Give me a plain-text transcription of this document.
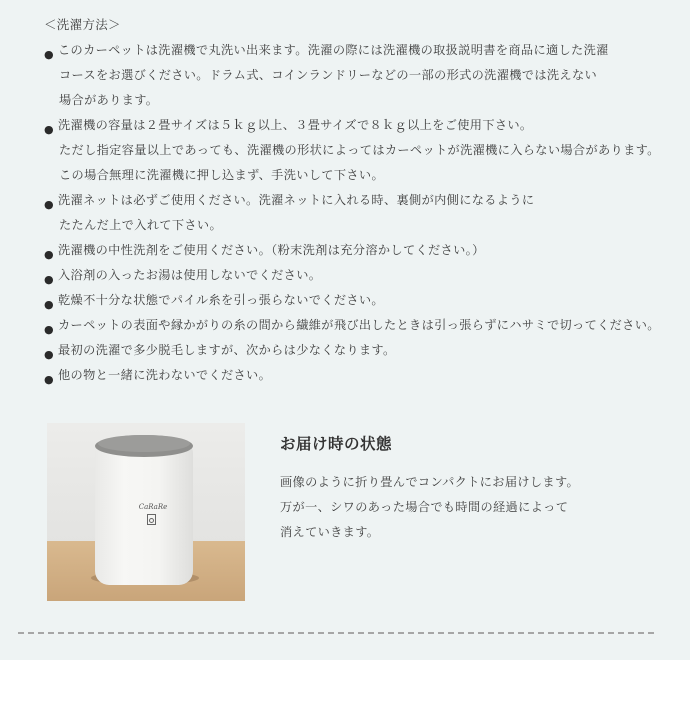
＜洗濯方法＞
● このカーペットは洗濯機で丸洗い出来ます。洗濯の際には洗濯機の取扱説明書を商品に適した洗濯
コースをお選びください。ドラム式、コインランドリーなどの一部の形式の洗濯機では洗えない
場合があります。
● 洗濯機の容量は２畳サイズは５ｋｇ以上、３畳サイズで８ｋｇ以上をご使用下さい。
ただし指定容量以上であっても、洗濯機の形状によってはカーペットが洗濯機に入らない場合があります。
この場合無理に洗濯機に押し込まず、手洗いして下さい。
● 洗濯ネットは必ずご使用ください。洗濯ネットに入れる時、裏側が内側になるように
たたんだ上で入れて下さい。
● 洗濯機の中性洗剤をご使用ください。（粉末洗剤は充分溶かしてください。）
● 入浴剤の入ったお湯は使用しないでください。
● 乾燥不十分な状態でパイル糸を引っ張らないでください。
● カーペットの表面や縁かがりの糸の間から繊維が飛び出したときは引っ張らずにハサミで切ってください。
● 最初の洗濯で多少脱毛しますが、次からは少なくなります。
● 他の物と一緒に洗わないでください。
CaRaRe
お届け時の状態
画像のように折り畳んでコンパクトにお届けします。
万が一、シワのあった場合でも時間の経過によって
消えていきます。
